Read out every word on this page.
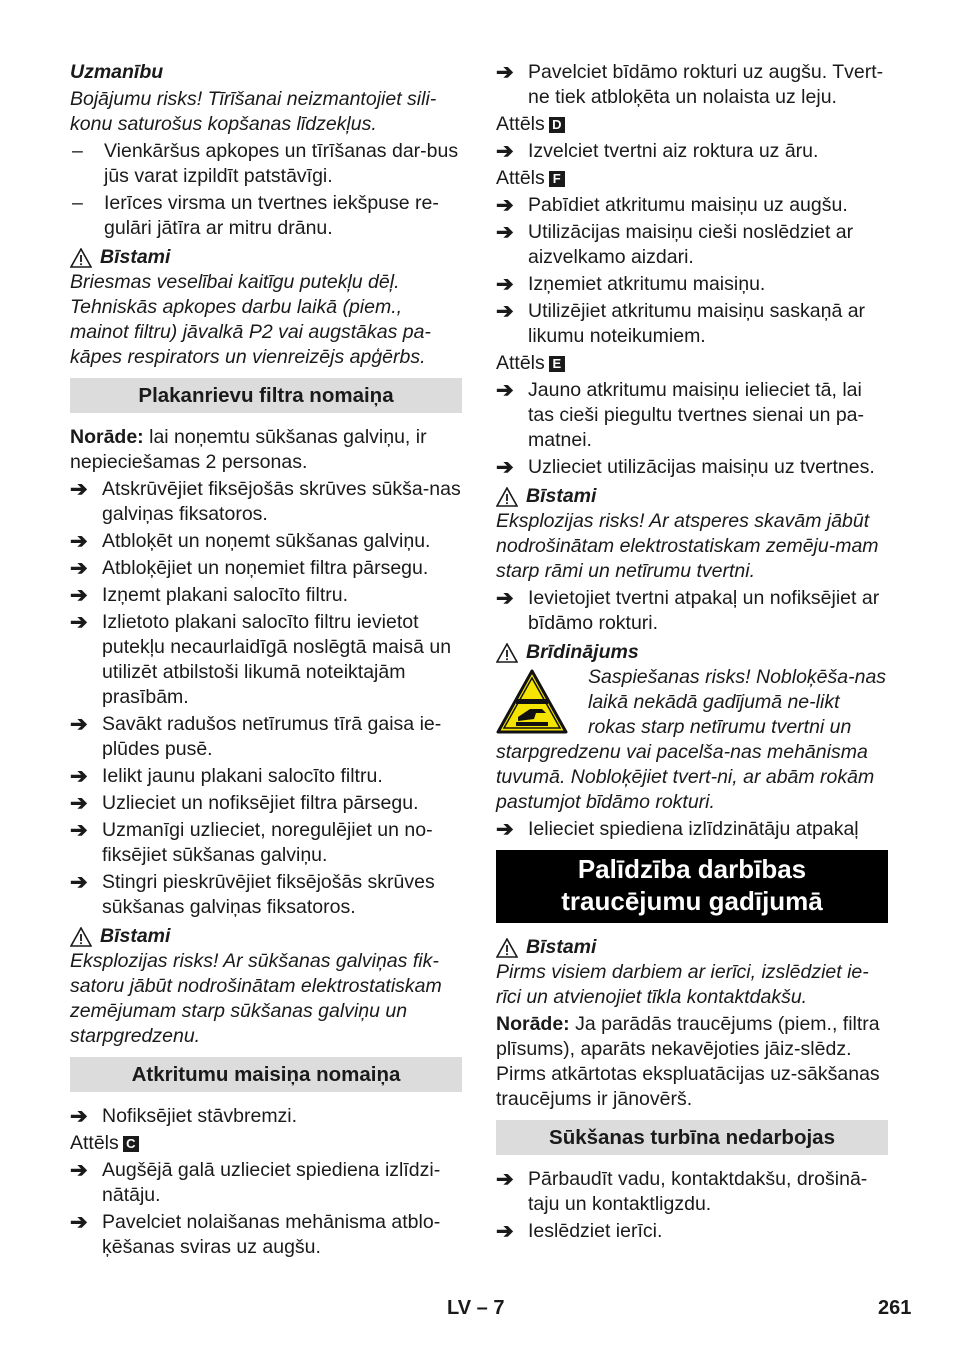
Uzmanību
Bojājumu risks! Tīrīšanai neizmantojiet sili-konu saturošus kopšanas līdzekļus.
–	Vienkāršus apkopes un tīrīšanas dar-bus jūs varat izpildīt patstāvīgi.
–	Ierīces virsma un tvertnes iekšpuse re-gulāri jātīra ar mitru drānu.
Bīstami
Briesmas veselībai kaitīgu putekļu dēļ. Tehniskās apkopes darbu laikā (piem., mainot filtru) jāvalkā P2 vai augstākas pa-kāpes respirators un vienreizējs apģērbs.
Plakanrievu filtra nomaiņa
Norāde: lai noņemtu sūkšanas galviņu, ir nepieciešamas 2 personas.
➔ Atskrūvējiet fiksējošās skrūves sūkša-nas galviņas fiksatoros.
➔ Atbloķēt un noņemt sūkšanas galviņu.
➔ Atbloķējiet un noņemiet filtra pārsegu.
➔ Izņemt plakani salocīto filtru.
➔ Izlietoto plakani salocīto filtru ievietot putekļu necaurlaidīgā noslēgtā maisā un utilizēt atbilstoši likumā noteiktajām prasībām.
➔ Savākt radušos netīrumus tīrā gaisa ie-plūdes pusē.
➔ Ielikt jaunu plakani salocīto filtru.
➔ Uzlieciet un nofiksējiet filtra pārsegu.
➔ Uzmanīgi uzlieciet, noregulējiet un no-fiksējiet sūkšanas galviņu.
➔ Stingri pieskrūvējiet fiksējošās skrūves sūkšanas galviņas fiksatoros.
Bīstami
Eksplozijas risks! Ar sūkšanas galviņas fik-satoru jābūt nodrošinātam elektrostatiskam zemējumam starp sūkšanas galviņu un starpgredzenu.
Atkritumu maisiņa nomaiņa
➔ Nofiksējiet stāvbremzi.
Attēls C
➔ Augšējā galā uzlieciet spiediena izlīdzi-nātāju.
➔ Pavelciet nolaišanas mehānisma atblo-ķēšanas sviras uz augšu.
➔ Pavelciet bīdāmo rokturi uz augšu. Tvert-ne tiek atbloķēta un nolaista uz leju.
Attēls D
➔ Izvelciet tvertni aiz roktura uz āru.
Attēls F
➔ Pabīdiet atkritumu maisiņu uz augšu.
➔ Utilizācijas maisiņu cieši noslēdziet ar aizvelkamo aizdari.
➔ Izņemiet atkritumu maisiņu.
➔ Utilizējiet atkritumu maisiņu saskaņā ar likumu noteikumiem.
Attēls E
➔ Jauno atkritumu maisiņu ielieciet tā, lai tas cieši piegultu tvertnes sienai un pa-matnei.
➔ Uzlieciet utilizācijas maisiņu uz tvertnes.
Bīstami
Eksplozijas risks! Ar atsperes skavām jābūt nodrošinātam elektrostatiskam zemēju-mam starp rāmi un netīrumu tvertni.
➔ Ievietojiet tvertni atpakaļ un nofiksējiet ar bīdāmo rokturi.
Brīdinājums
Saspiešanas risks! Nobloķēša-nas laikā nekādā gadījumā ne-likt rokas starp netīrumu tvertni un starpgredzenu vai pacelša-nas mehānisma tuvumā. Nobloķējiet tvert-ni, ar abām rokām pastumjot bīdāmo rokturi.
➔ Ielieciet spiediena izlīdzinātāju atpakaļ
Palīdzība darbības traucējumu gadījumā
Bīstami
Pirms visiem darbiem ar ierīci, izslēdziet ie-rīci un atvienojiet tīkla kontaktdakšu.
Norāde: Ja parādās traucējums (piem., filtra plīsums), aparāts nekavējoties jāiz-slēdz. Pirms atkārtotas ekspluatācijas uz-sākšanas traucējums ir jānovērš.
Sūkšanas turbīna nedarbojas
➔ Pārbaudīt vadu, kontaktdakšu, drošinā-taju un kontaktligzdu.
➔ Ieslēdziet ierīci.
LV – 7	261
